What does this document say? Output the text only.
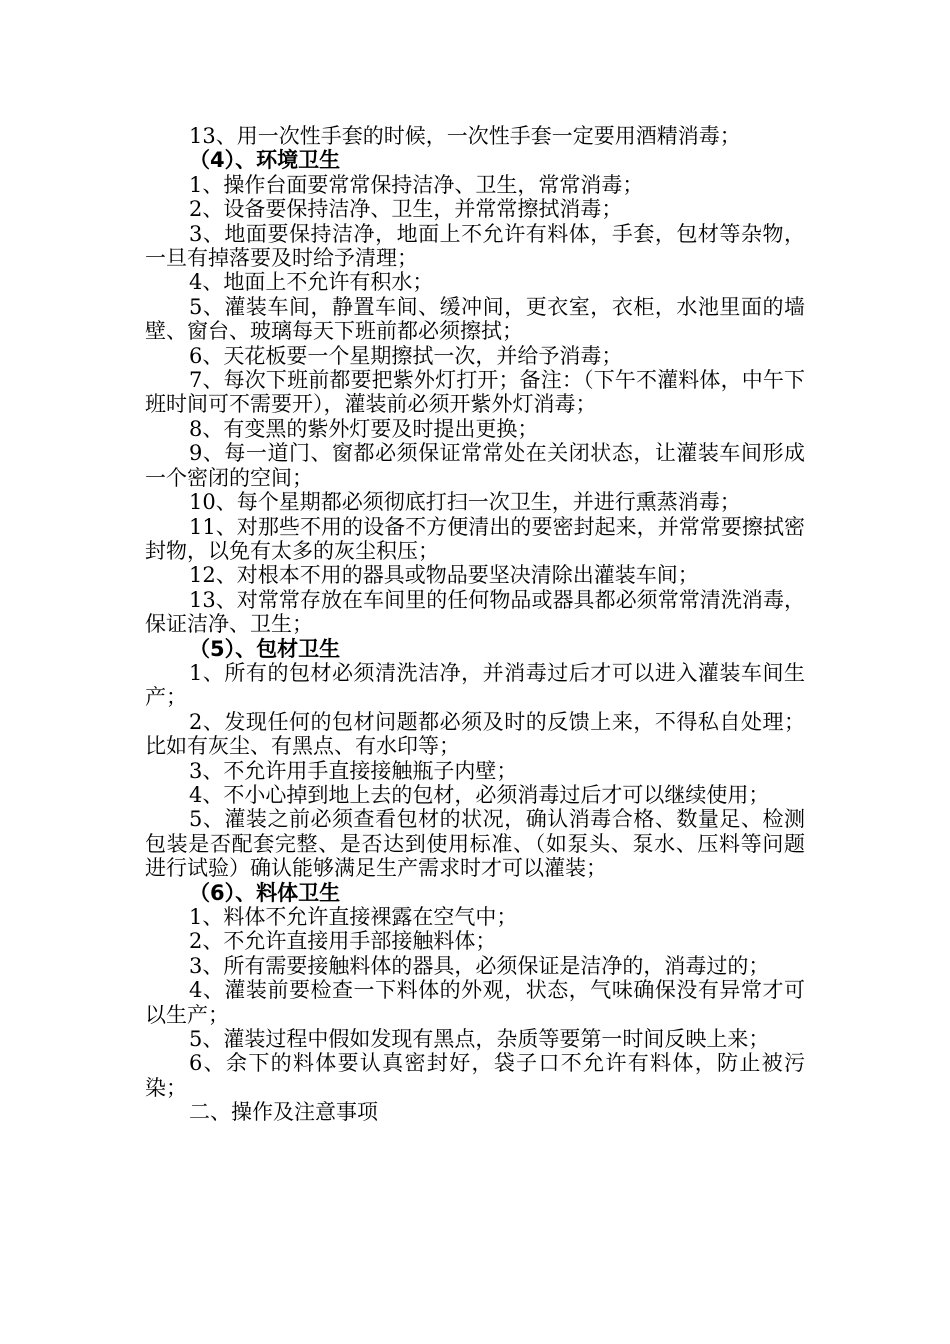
13、用一次性手套的时候，一次性手套一定要用酒精消毒；

（4）、环境卫生

1、操作台面要常常保持洁净、卫生，常常消毒；

2、设备要保持洁净、卫生，并常常擦拭消毒；

3、地面要保持洁净，地面上不允许有料体，手套，包材等杂物，一旦有掉落要及时给予清理；

4、地面上不允许有积水；

5、灌装车间，静置车间、缓冲间，更衣室，衣柜，水池里面的墙壁、窗台、玻璃每天下班前都必须擦拭；

6、天花板要一个星期擦拭一次，并给予消毒；

7、每次下班前都要把紫外灯打开；备注：（下午不灌料体，中午下班时间可不需要开），灌装前必须开紫外灯消毒；

8、有变黑的紫外灯要及时提出更换；

9、每一道门、窗都必须保证常常处在关闭状态，让灌装车间形成一个密闭的空间；

10、每个星期都必须彻底打扫一次卫生，并进行熏蒸消毒；

11、对那些不用的设备不方便清出的要密封起来，并常常要擦拭密封物，以免有太多的灰尘积压；

12、对根本不用的器具或物品要坚决清除出灌装车间；

13、对常常存放在车间里的任何物品或器具都必须常常清洗消毒，保证洁净、卫生；

（5）、包材卫生

1、所有的包材必须清洗洁净，并消毒过后才可以进入灌装车间生产；

2、发现任何的包材问题都必须及时的反馈上来，不得私自处理；比如有灰尘、有黑点、有水印等；

3、不允许用手直接接触瓶子内壁；

4、不小心掉到地上去的包材，必须消毒过后才可以继续使用；

5、灌装之前必须查看包材的状况，确认消毒合格、数量足、检测包装是否配套完整、是否达到使用标准、（如泵头、泵水、压料等问题进行试验）确认能够满足生产需求时才可以灌装；

（6）、料体卫生

1、料体不允许直接裸露在空气中；

2、不允许直接用手部接触料体；

3、所有需要接触料体的器具，必须保证是洁净的，消毒过的；

4、灌装前要检查一下料体的外观，状态，气味确保没有异常才可以生产；

5、灌装过程中假如发现有黑点，杂质等要第一时间反映上来；

6、余下的料体要认真密封好，袋子口不允许有料体，防止被污染；

二、操作及注意事项
